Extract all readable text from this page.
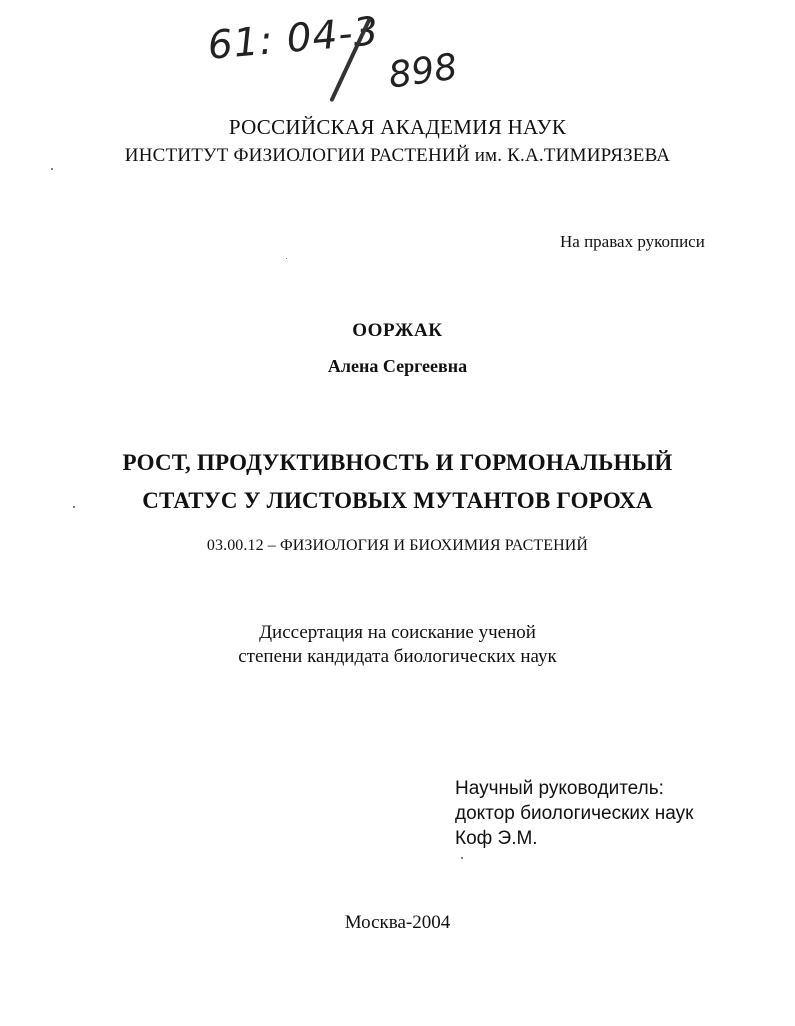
61: 04-3
898
РОССИЙСКАЯ АКАДЕМИЯ НАУК
ИНСТИТУТ ФИЗИОЛОГИИ РАСТЕНИЙ им. К.А.ТИМИРЯЗЕВА
На правах рукописи
ООРЖАК
Алена Сергеевна
РОСТ, ПРОДУКТИВНОСТЬ И ГОРМОНАЛЬНЫЙ
СТАТУС У ЛИСТОВЫХ МУТАНТОВ ГОРОХА
03.00.12 – ФИЗИОЛОГИЯ И БИОХИМИЯ РАСТЕНИЙ
Диссертация на соискание ученой
степени кандидата биологических наук
Научный руководитель:
доктор биологических наук
Коф Э.М.
Москва-2004
